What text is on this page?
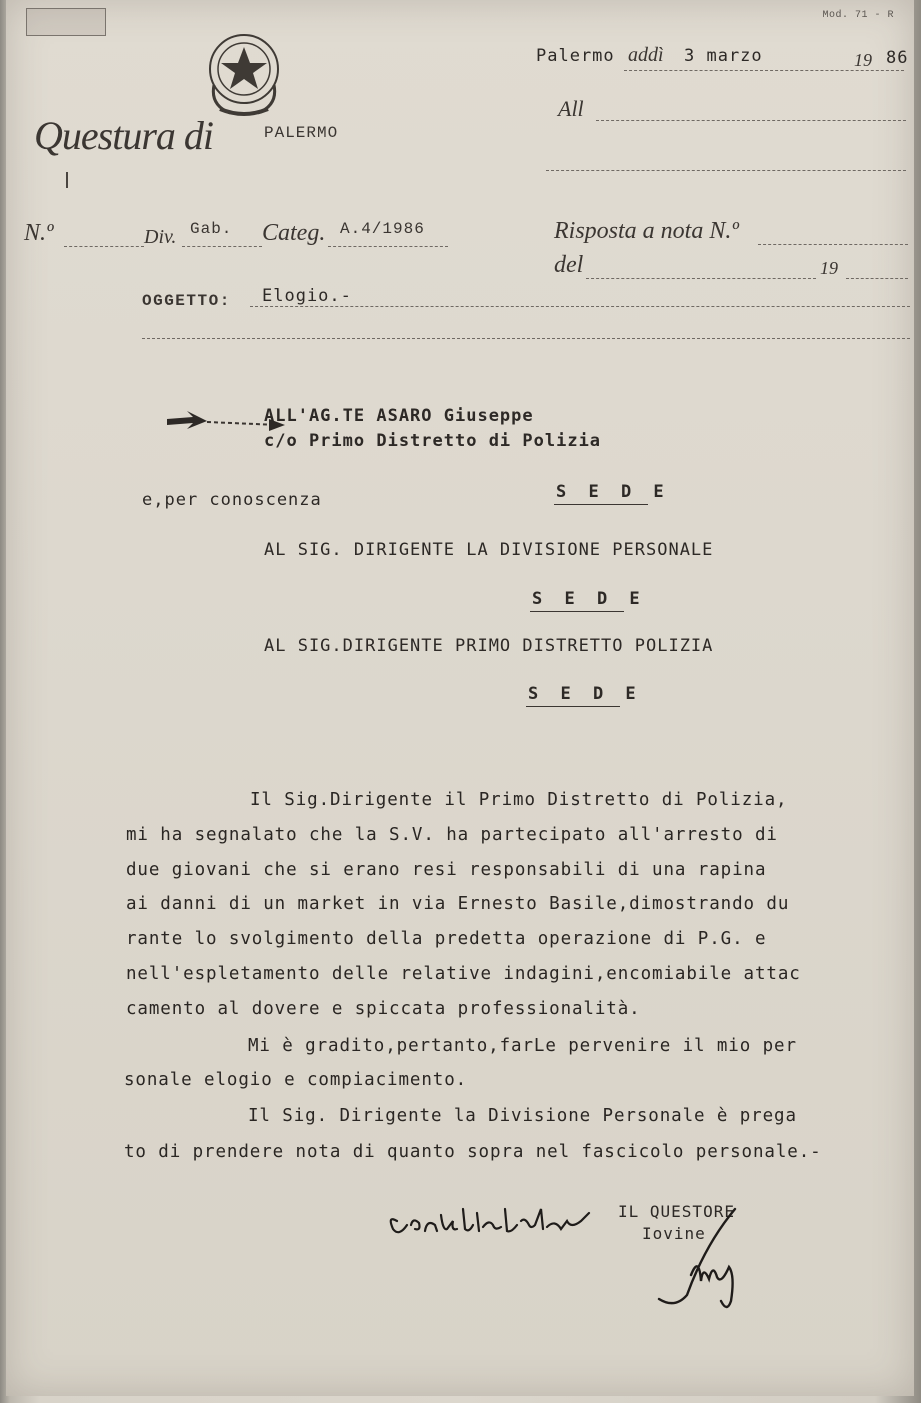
Mod. 71 - R

Questura di	PALERMO
Palermo addì 3 marzo	19 86
All
N.º	Div. Gab. Categ. A.4/1986	Risposta a nota N.º
del	19
OGGETTO: Elogio.-

ALL'AG.TE ASARO Giuseppe
c/o Primo Distretto di Polizia
e,per conoscenza	S E D E
AL SIG. DIRIGENTE LA DIVISIONE PERSONALE
S E D E
AL SIG.DIRIGENTE PRIMO DISTRETTO POLIZIA
S E D E
Il Sig.Dirigente il Primo Distretto di Polizia,
mi ha segnalato che la S.V. ha partecipato all'arresto di
due giovani che si erano resi responsabili di una rapina
ai danni di un market in via Ernesto Basile,dimostrando du
rante lo svolgimento della predetta operazione di P.G. e
nell'espletamento delle relative indagini,encomiabile attac
camento al dovere e spiccata professionalità.
Mi è gradito,pertanto,farLe pervenire il mio per
sonale elogio e compiacimento.
Il Sig. Dirigente la Divisione Personale è prega
to di prendere nota di quanto sopra nel fascicolo personale.-

IL QUESTORE
Iovine
